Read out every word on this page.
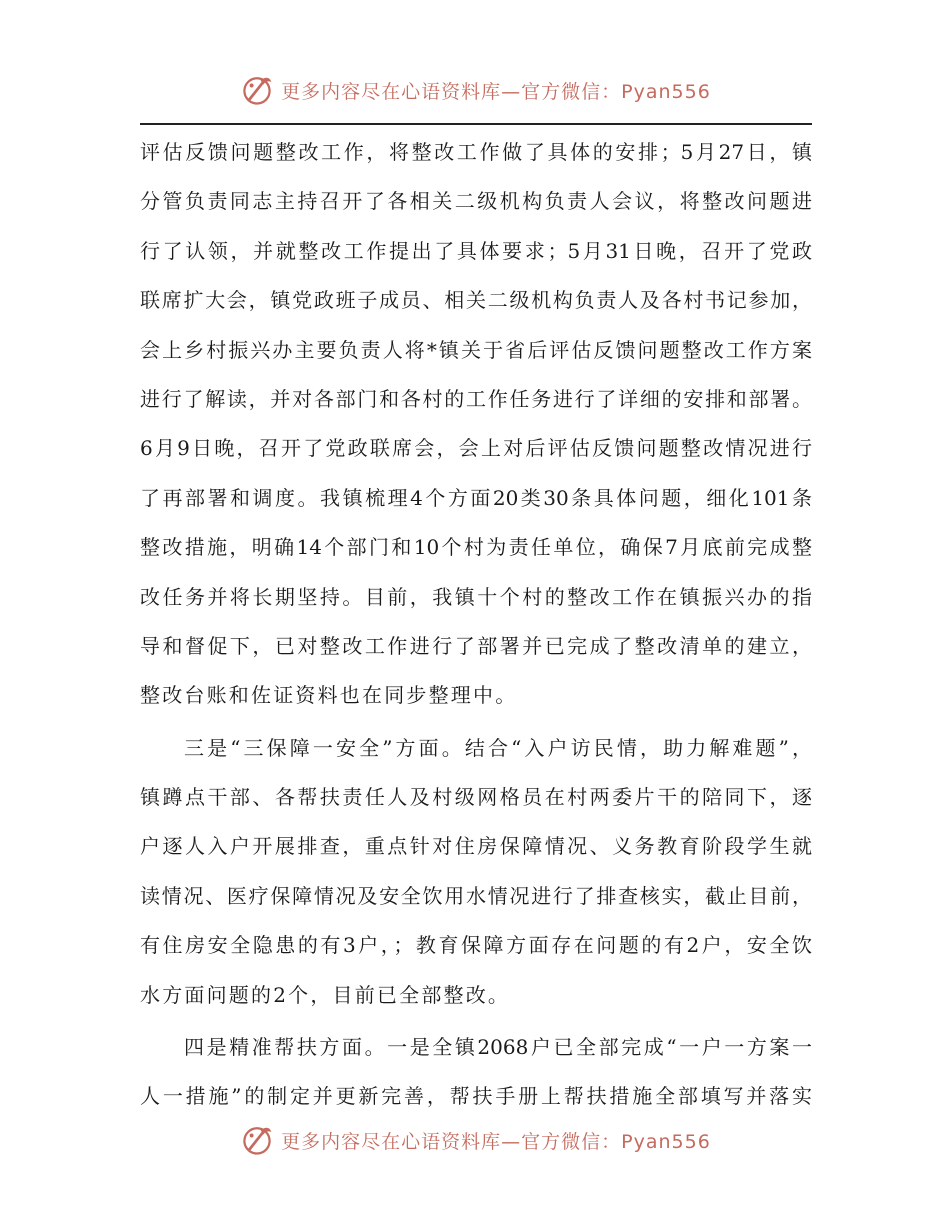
更多内容尽在心语资料库—官方微信：Pyan556
评估反馈问题整改工作，将整改工作做了具体的安排；5月27日，镇
分管负责同志主持召开了各相关二级机构负责人会议，将整改问题进
行了认领，并就整改工作提出了具体要求；5月31日晚，召开了党政
联席扩大会，镇党政班子成员、相关二级机构负责人及各村书记参加，
会上乡村振兴办主要负责人将*镇关于省后评估反馈问题整改工作方案
进行了解读，并对各部门和各村的工作任务进行了详细的安排和部署。
6月9日晚，召开了党政联席会，会上对后评估反馈问题整改情况进行
了再部署和调度。我镇梳理4个方面20类30条具体问题，细化101条
整改措施，明确14个部门和10个村为责任单位，确保7月底前完成整
改任务并将长期坚持。目前，我镇十个村的整改工作在镇振兴办的指
导和督促下，已对整改工作进行了部署并已完成了整改清单的建立，
整改台账和佐证资料也在同步整理中。
三是“三保障一安全”方面。结合“入户访民情，助力解难题”，
镇蹲点干部、各帮扶责任人及村级网格员在村两委片干的陪同下，逐
户逐人入户开展排查，重点针对住房保障情况、义务教育阶段学生就
读情况、医疗保障情况及安全饮用水情况进行了排查核实，截止目前，
有住房安全隐患的有3户，；教育保障方面存在问题的有2户，安全饮
水方面问题的2个，目前已全部整改。
四是精准帮扶方面。一是全镇2068户已全部完成“一户一方案一
人一措施”的制定并更新完善，帮扶手册上帮扶措施全部填写并落实
更多内容尽在心语资料库—官方微信：Pyan556
